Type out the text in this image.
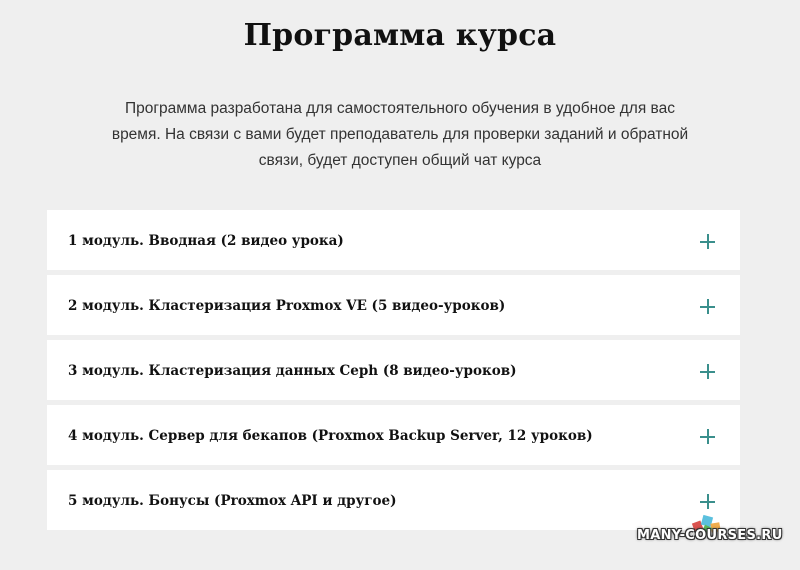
Программа курса

Программа разработана для самостоятельного обучения в удобное для вас время. На связи с вами будет преподаватель для проверки заданий и обратной связи, будет доступен общий чат курса

1 модуль. Вводная (2 видео урока)
2 модуль. Кластеризация Proxmox VE (5 видео-уроков)
3 модуль. Кластеризация данных Ceph (8 видео-уроков)
4 модуль. Сервер для бекапов (Proxmox Backup Server, 12 уроков)
5 модуль. Бонусы (Proxmox API и другое)
MANY-COURSES.RU
